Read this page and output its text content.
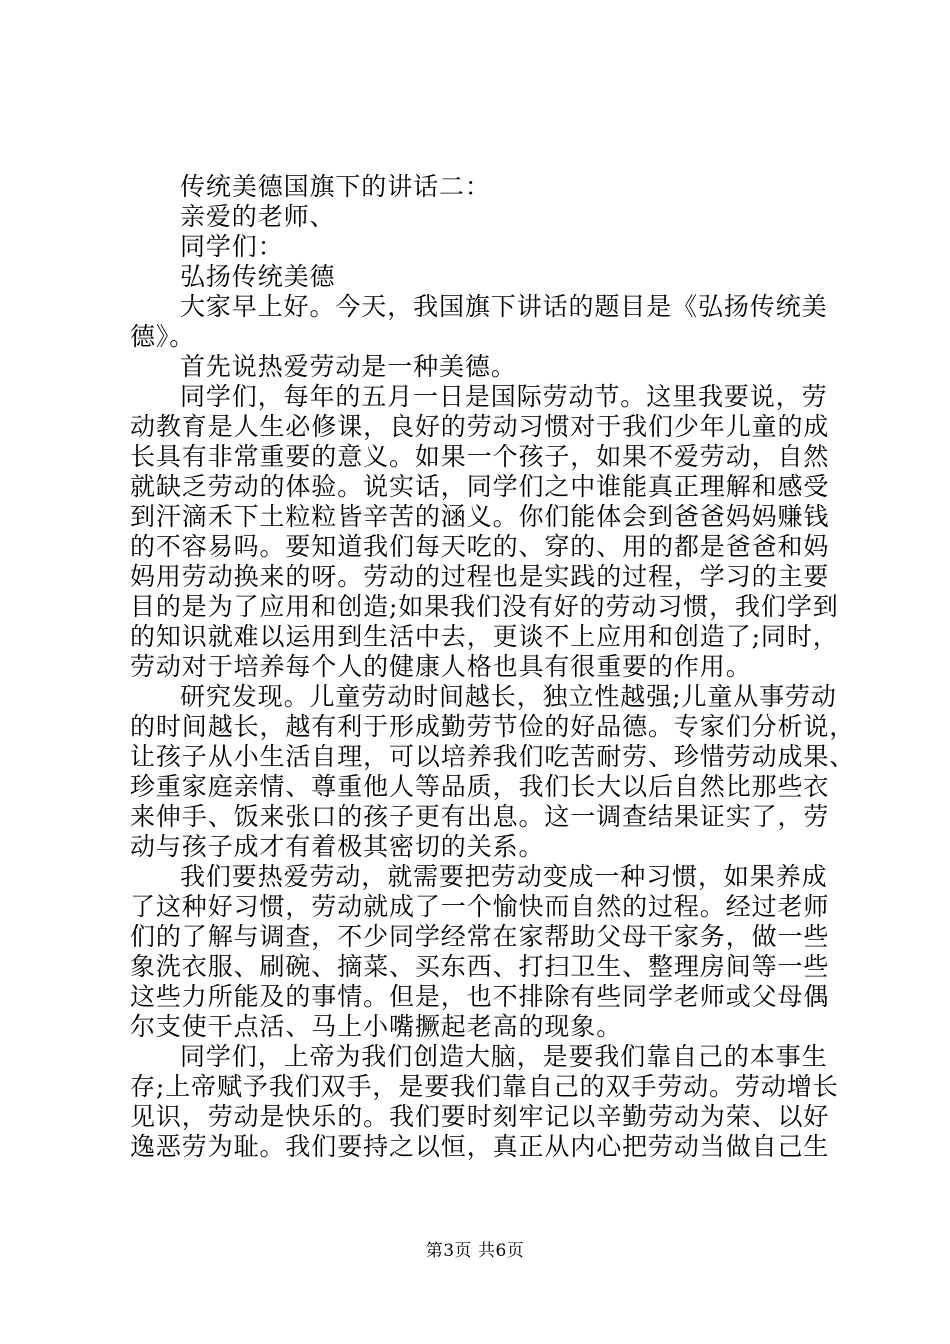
传统美德国旗下的讲话二：
亲爱的老师、
同学们：
弘扬传统美德
大家早上好。今天，我国旗下讲话的题目是《弘扬传统美
德》。
首先说热爱劳动是一种美德。
同学们，每年的五月一日是国际劳动节。这里我要说，劳
动教育是人生必修课，良好的劳动习惯对于我们少年儿童的成
长具有非常重要的意义。如果一个孩子，如果不爱劳动，自然
就缺乏劳动的体验。说实话，同学们之中谁能真正理解和感受
到汗滴禾下土粒粒皆辛苦的涵义。你们能体会到爸爸妈妈赚钱
的不容易吗。要知道我们每天吃的、穿的、用的都是爸爸和妈
妈用劳动换来的呀。劳动的过程也是实践的过程，学习的主要
目的是为了应用和创造;如果我们没有好的劳动习惯，我们学到
的知识就难以运用到生活中去，更谈不上应用和创造了;同时，
劳动对于培养每个人的健康人格也具有很重要的作用。
研究发现。儿童劳动时间越长，独立性越强;儿童从事劳动
的时间越长，越有利于形成勤劳节俭的好品德。专家们分析说，
让孩子从小生活自理，可以培养我们吃苦耐劳、珍惜劳动成果、
珍重家庭亲情、尊重他人等品质，我们长大以后自然比那些衣
来伸手、饭来张口的孩子更有出息。这一调查结果证实了，劳
动与孩子成才有着极其密切的关系。
我们要热爱劳动，就需要把劳动变成一种习惯，如果养成
了这种好习惯，劳动就成了一个愉快而自然的过程。经过老师
们的了解与调查，不少同学经常在家帮助父母干家务，做一些
象洗衣服、刷碗、摘菜、买东西、打扫卫生、整理房间等一些
这些力所能及的事情。但是，也不排除有些同学老师或父母偶
尔支使干点活、马上小嘴撅起老高的现象。
同学们，上帝为我们创造大脑，是要我们靠自己的本事生
存;上帝赋予我们双手，是要我们靠自己的双手劳动。劳动增长
见识，劳动是快乐的。我们要时刻牢记以辛勤劳动为荣、以好
逸恶劳为耻。我们要持之以恒，真正从内心把劳动当做自己生
第3页 共6页
